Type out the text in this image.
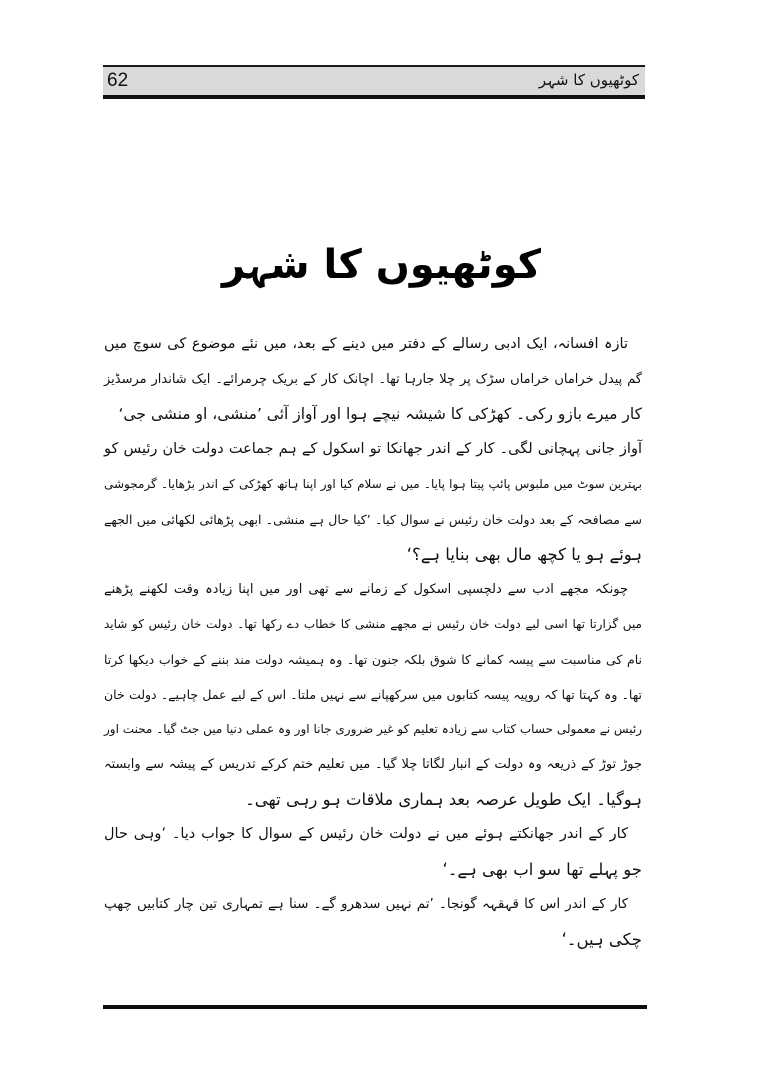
62	کوٹھیوں کا شہر
کوٹھیوں کا شہر

تازہ افسانہ، ایک ادبی رسالے کے دفتر میں دینے کے بعد، میں نئے موضوع کی سوچ میں
گم پیدل خراماں خراماں سڑک پر چلا جارہا تھا۔ اچانک کار کے بریک چرمرائے۔ ایک شاندار مرسڈیز
کار میرے بازو رکی۔ کھڑکی کا شیشہ نیچے ہوا اور آواز آئی ’منشی، او منشی جی‘

آواز جانی پہچانی لگی۔ کار کے اندر جھانکا تو اسکول کے ہم جماعت دولت خان رئیس کو
بہترین سوٹ میں ملبوس پائپ پیتا ہوا پایا۔ میں نے سلام کیا اور اپنا ہاتھ کھڑکی کے اندر بڑھایا۔ گرمجوشی
سے مصافحہ کے بعد دولت خان رئیس نے سوال کیا۔ ’کیا حال ہے منشی۔ ابھی پڑھائی لکھائی میں الجھے
ہوئے ہو یا کچھ مال بھی بنایا ہے؟‘

چونکہ مجھے ادب سے دلچسپی اسکول کے زمانے سے تھی اور میں اپنا زیادہ وقت لکھنے پڑھنے
میں گزارتا تھا اسی لیے دولت خان رئیس نے مجھے منشی کا خطاب دے رکھا تھا۔ دولت خان رئیس کو شاید
نام کی مناسبت سے پیسہ کمانے کا شوق بلکہ جنون تھا۔ وہ ہمیشہ دولت مند بننے کے خواب دیکھا کرتا
تھا۔ وہ کہتا تھا کہ روپیہ پیسہ کتابوں میں سرکھپانے سے نہیں ملتا۔ اس کے لیے عمل چاہیے۔ دولت خان
رئیس نے معمولی حساب کتاب سے زیادہ تعلیم کو غیر ضروری جانا اور وہ عملی دنیا میں جٹ گیا۔ محنت اور
جوڑ توڑ کے ذریعہ وہ دولت کے انبار لگاتا چلا گیا۔ میں تعلیم ختم کرکے تدریس کے پیشہ سے وابستہ
ہوگیا۔ ایک طویل عرصہ بعد ہماری ملاقات ہو رہی تھی۔

کار کے اندر جھانکتے ہوئے میں نے دولت خان رئیس کے سوال کا جواب دیا۔ ’وہی حال
جو پہلے تھا سو اب بھی ہے۔‘

کار کے اندر اس کا قہقہہ گونجا۔ ’تم نہیں سدھرو گے۔ سنا ہے تمہاری تین چار کتابیں چھپ
چکی ہیں۔‘
